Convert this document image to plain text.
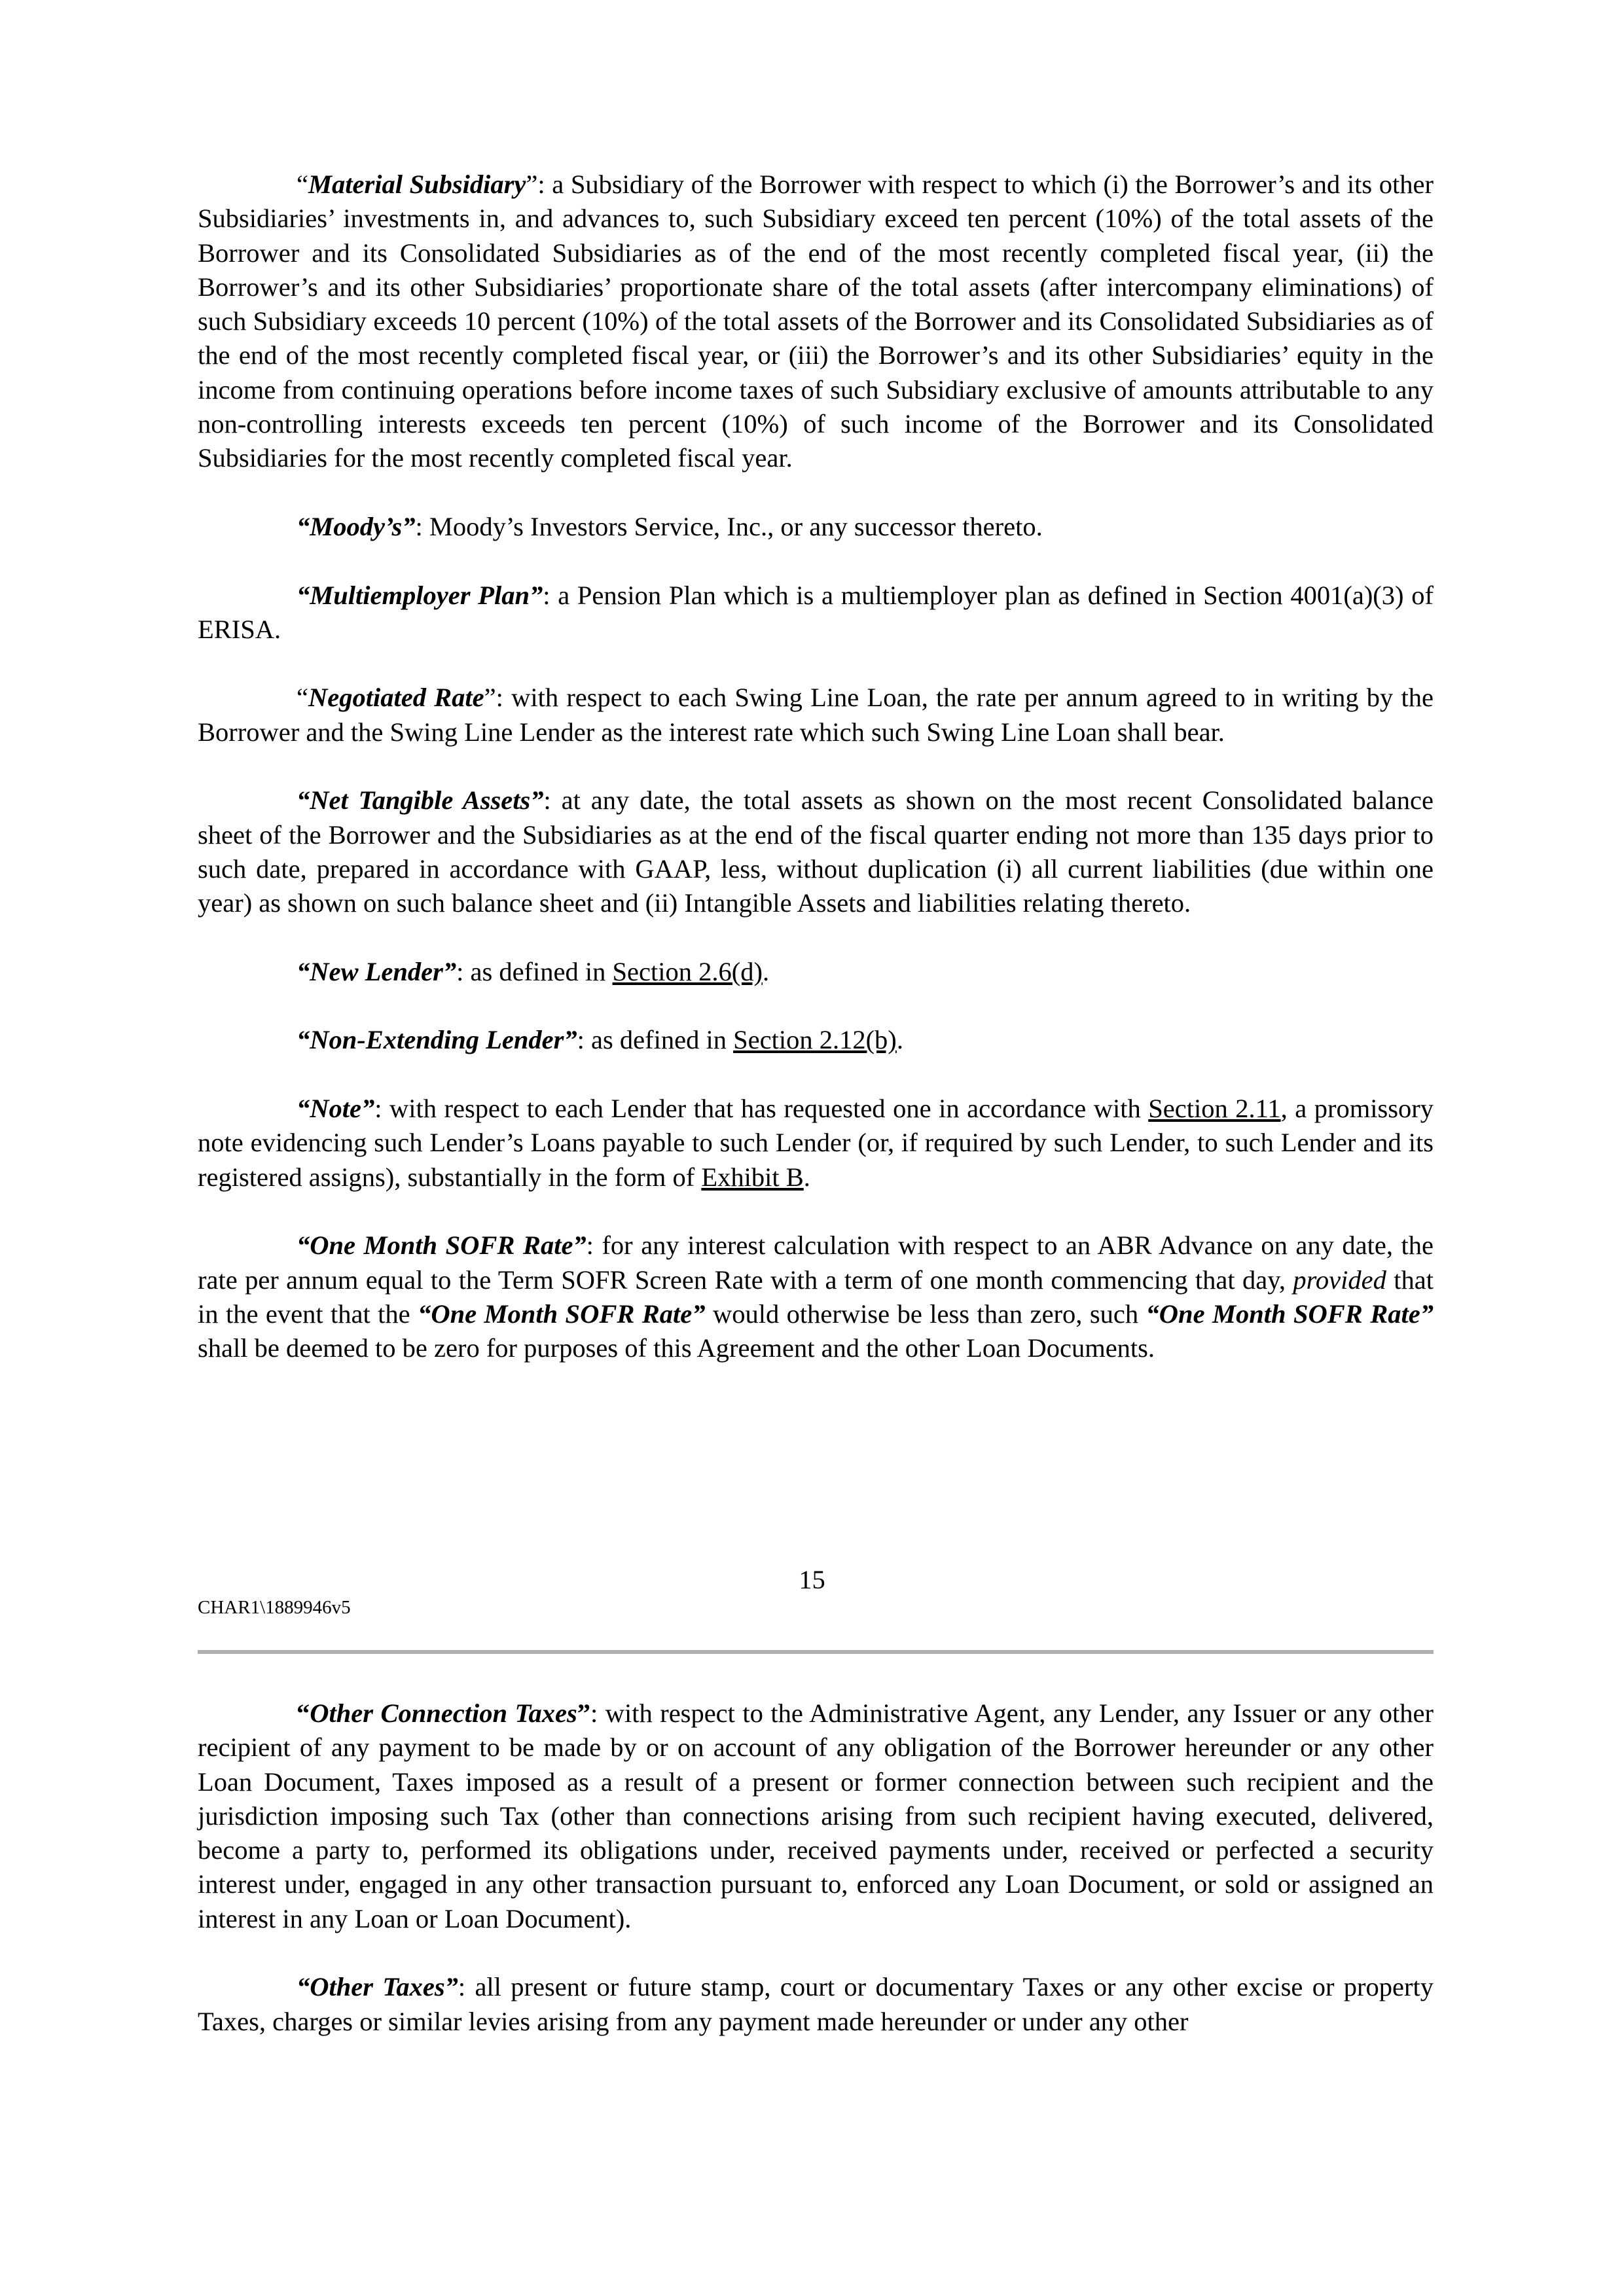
“Material Subsidiary”: a Subsidiary of the Borrower with respect to which (i) the Borrower’s and its other Subsidiaries’ investments in, and advances to, such Subsidiary exceed ten percent (10%) of the total assets of the Borrower and its Consolidated Subsidiaries as of the end of the most recently completed fiscal year, (ii) the Borrower’s and its other Subsidiaries’ proportionate share of the total assets (after intercompany eliminations) of such Subsidiary exceeds 10 percent (10%) of the total assets of the Borrower and its Consolidated Subsidiaries as of the end of the most recently completed fiscal year, or (iii) the Borrower’s and its other Subsidiaries’ equity in the income from continuing operations before income taxes of such Subsidiary exclusive of amounts attributable to any non-controlling interests exceeds ten percent (10%) of such income of the Borrower and its Consolidated Subsidiaries for the most recently completed fiscal year.

“Moody’s”: Moody’s Investors Service, Inc., or any successor thereto.

“Multiemployer Plan”: a Pension Plan which is a multiemployer plan as defined in Section 4001(a)(3) of ERISA.

“Negotiated Rate”: with respect to each Swing Line Loan, the rate per annum agreed to in writing by the Borrower and the Swing Line Lender as the interest rate which such Swing Line Loan shall bear.

“Net Tangible Assets”: at any date, the total assets as shown on the most recent Consolidated balance sheet of the Borrower and the Subsidiaries as at the end of the fiscal quarter ending not more than 135 days prior to such date, prepared in accordance with GAAP, less, without duplication (i) all current liabilities (due within one year) as shown on such balance sheet and (ii) Intangible Assets and liabilities relating thereto.

“New Lender”: as defined in Section 2.6(d).

“Non-Extending Lender”: as defined in Section 2.12(b).

“Note”: with respect to each Lender that has requested one in accordance with Section 2.11, a promissory note evidencing such Lender’s Loans payable to such Lender (or, if required by such Lender, to such Lender and its registered assigns), substantially in the form of Exhibit B.

“One Month SOFR Rate”: for any interest calculation with respect to an ABR Advance on any date, the rate per annum equal to the Term SOFR Screen Rate with a term of one month commencing that day, provided that in the event that the “One Month SOFR Rate” would otherwise be less than zero, such “One Month SOFR Rate” shall be deemed to be zero for purposes of this Agreement and the other Loan Documents.

15
CHAR1\1889946v5

“Other Connection Taxes”: with respect to the Administrative Agent, any Lender, any Issuer or any other recipient of any payment to be made by or on account of any obligation of the Borrower hereunder or any other Loan Document, Taxes imposed as a result of a present or former connection between such recipient and the jurisdiction imposing such Tax (other than connections arising from such recipient having executed, delivered, become a party to, performed its obligations under, received payments under, received or perfected a security interest under, engaged in any other transaction pursuant to, enforced any Loan Document, or sold or assigned an interest in any Loan or Loan Document).

“Other Taxes”: all present or future stamp, court or documentary Taxes or any other excise or property Taxes, charges or similar levies arising from any payment made hereunder or under any other
